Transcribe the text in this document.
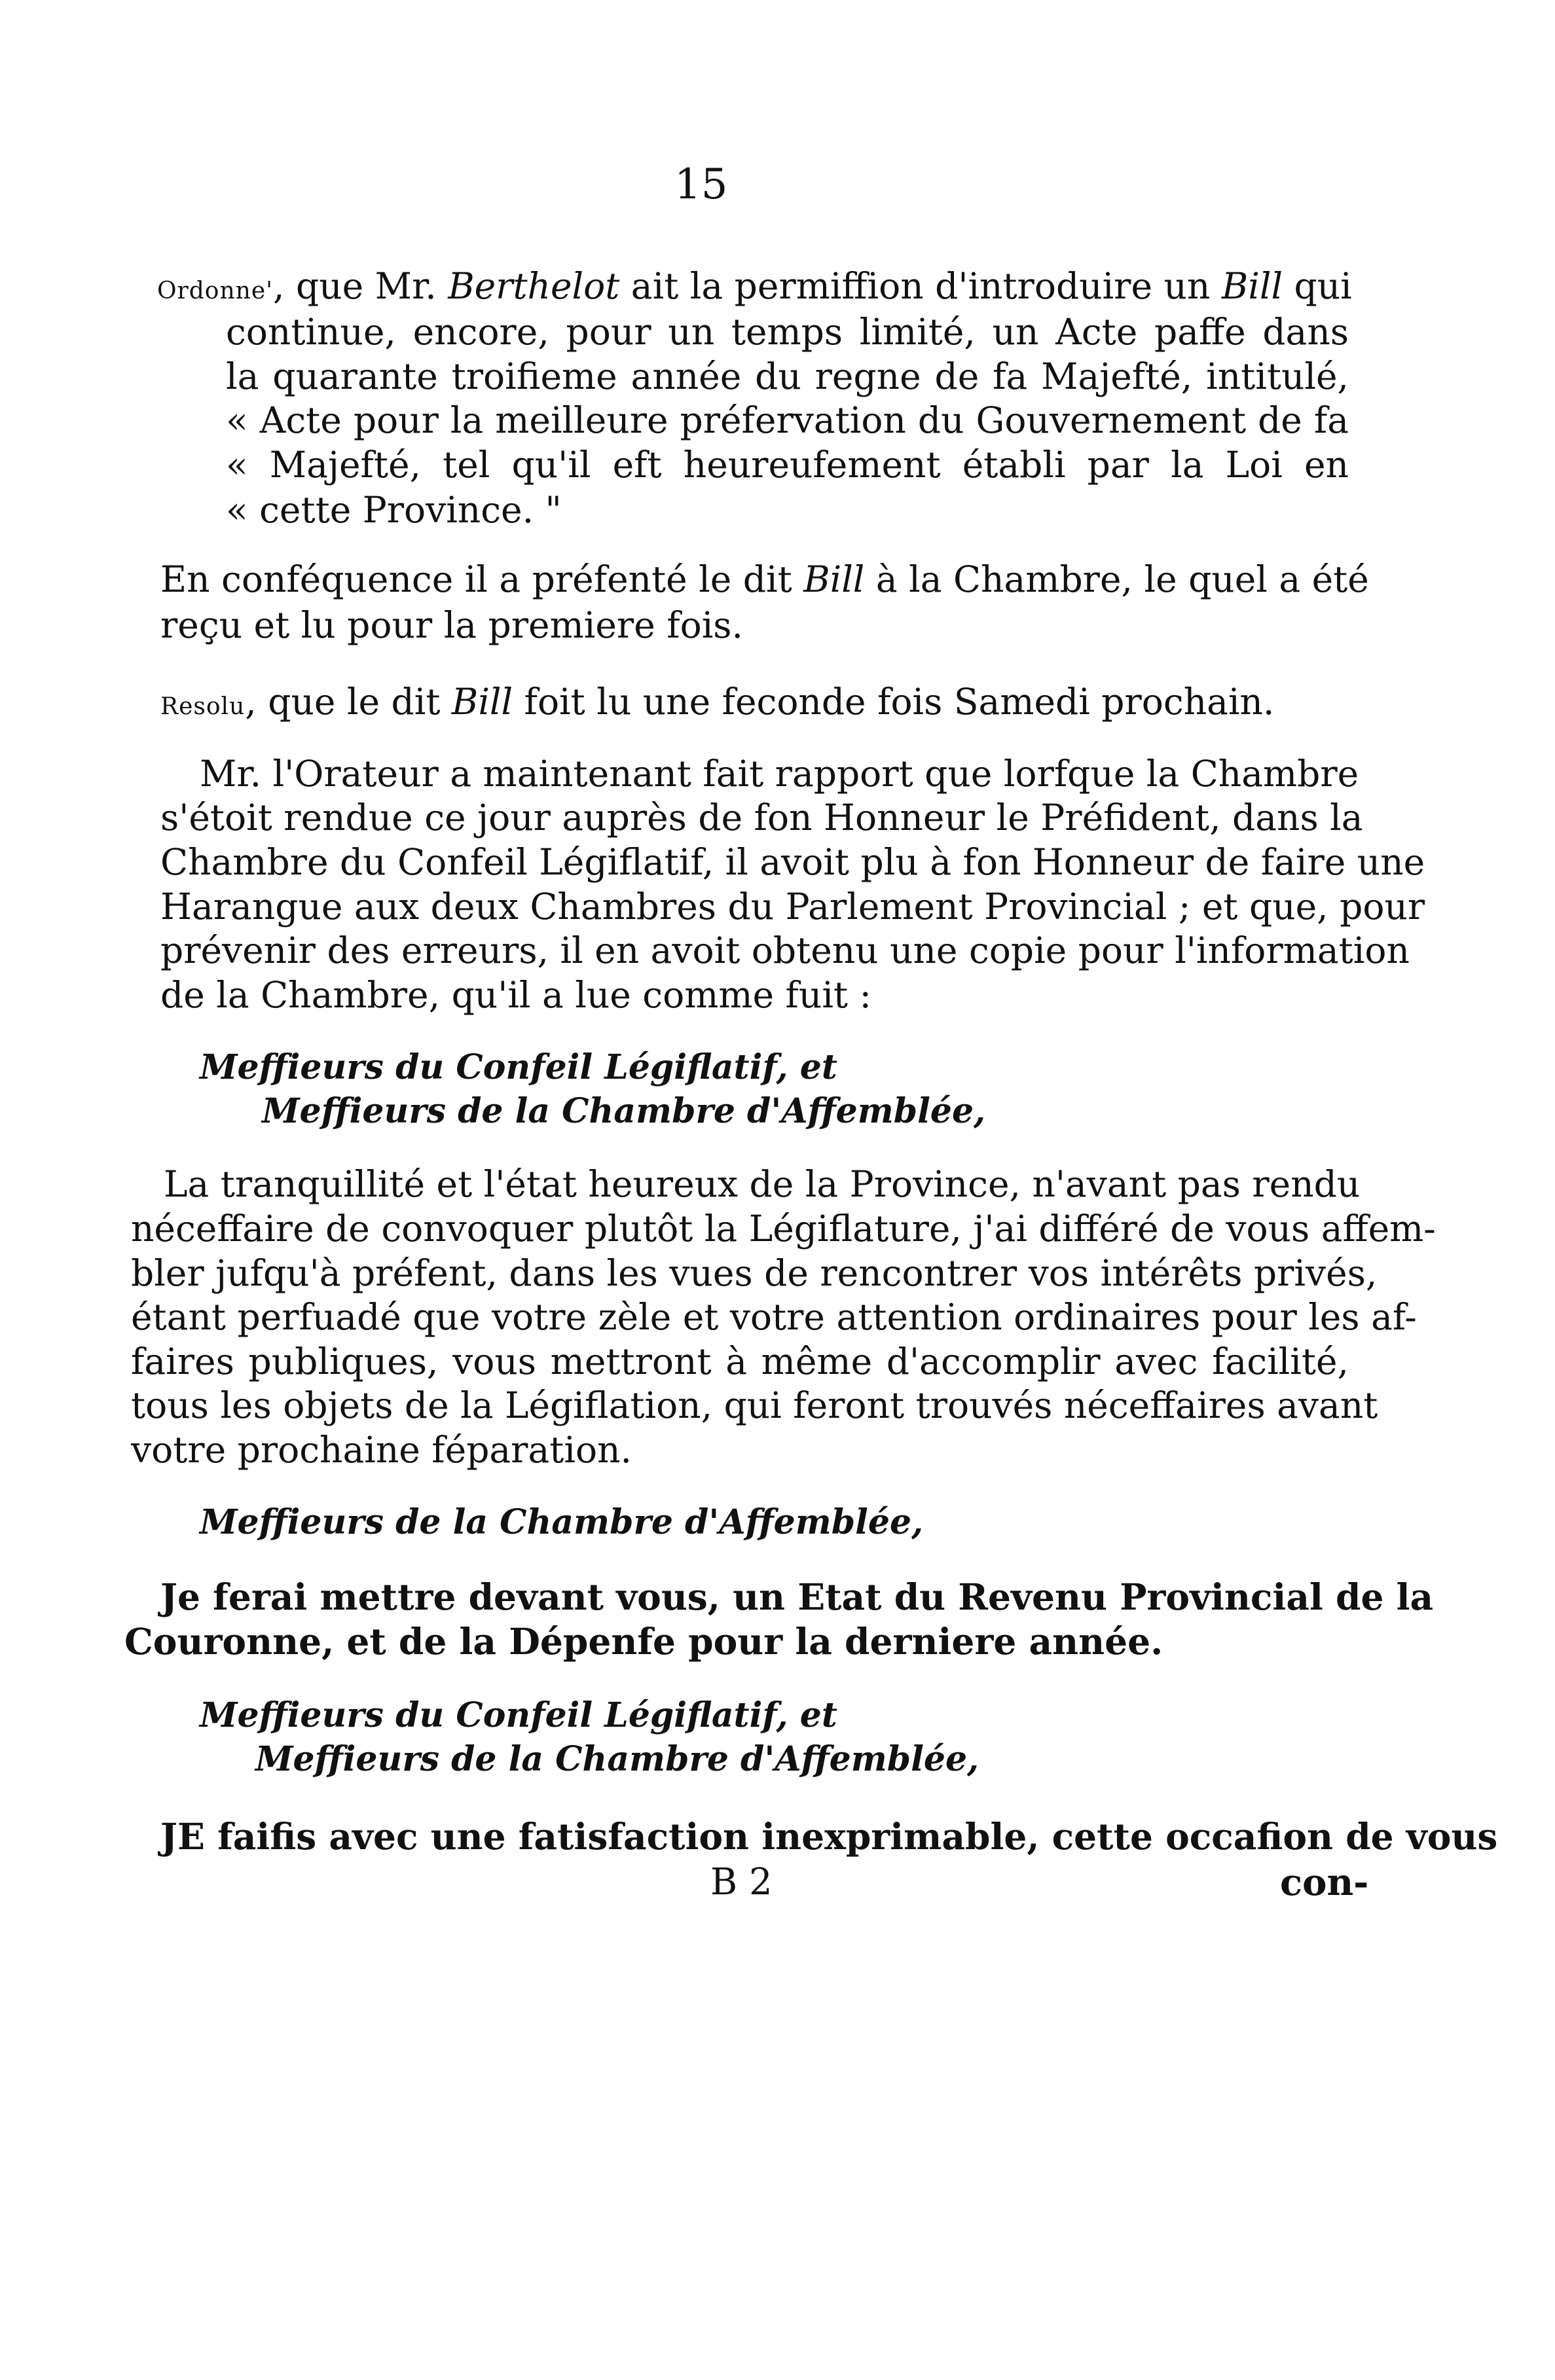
15
Ordonne', que Mr. Berthelot ait la permiffion d'introduire un Bill qui
continue, encore, pour un temps limité, un Acte paffe dans
la quarante troifieme année du regne de fa Majefté, intitulé,
« Acte pour la meilleure préfervation du Gouvernement de fa
« Majefté, tel qu'il eft heureufement établi par la Loi en
« cette Province. "
En conféquence il a préfenté le dit Bill à la Chambre, le quel a été
reçu et lu pour la premiere fois.
Resolu, que le dit Bill foit lu une feconde fois Samedi prochain.
Mr. l'Orateur a maintenant fait rapport que lorfque la Chambre
s'étoit rendue ce jour auprès de fon Honneur le Préfident, dans la
Chambre du Confeil Légiflatif, il avoit plu à fon Honneur de faire une
Harangue aux deux Chambres du Parlement Provincial ; et que, pour
prévenir des erreurs, il en avoit obtenu une copie pour l'information
de la Chambre, qu'il a lue comme fuit :
Meffieurs du Confeil Légiflatif, et
Meffieurs de la Chambre d'Affemblée,
La tranquillité et l'état heureux de la Province, n'avant pas rendu
néceffaire de convoquer plutôt la Légiflature, j'ai différé de vous affem-
bler jufqu'à préfent, dans les vues de rencontrer vos intérêts privés,
étant perfuadé que votre zèle et votre attention ordinaires pour les af-
faires publiques, vous mettront à même d'accomplir avec facilité,
tous les objets de la Légiflation, qui feront trouvés néceffaires avant
votre prochaine féparation.
Meffieurs de la Chambre d'Affemblée,
Je ferai mettre devant vous, un Etat du Revenu Provincial de la
Couronne, et de la Dépenfe pour la derniere année.
Meffieurs du Confeil Légiflatif, et
Meffieurs de la Chambre d'Affemblée,
JE faifis avec une fatisfaction inexprimable, cette occafion de vous
B 2	con-
